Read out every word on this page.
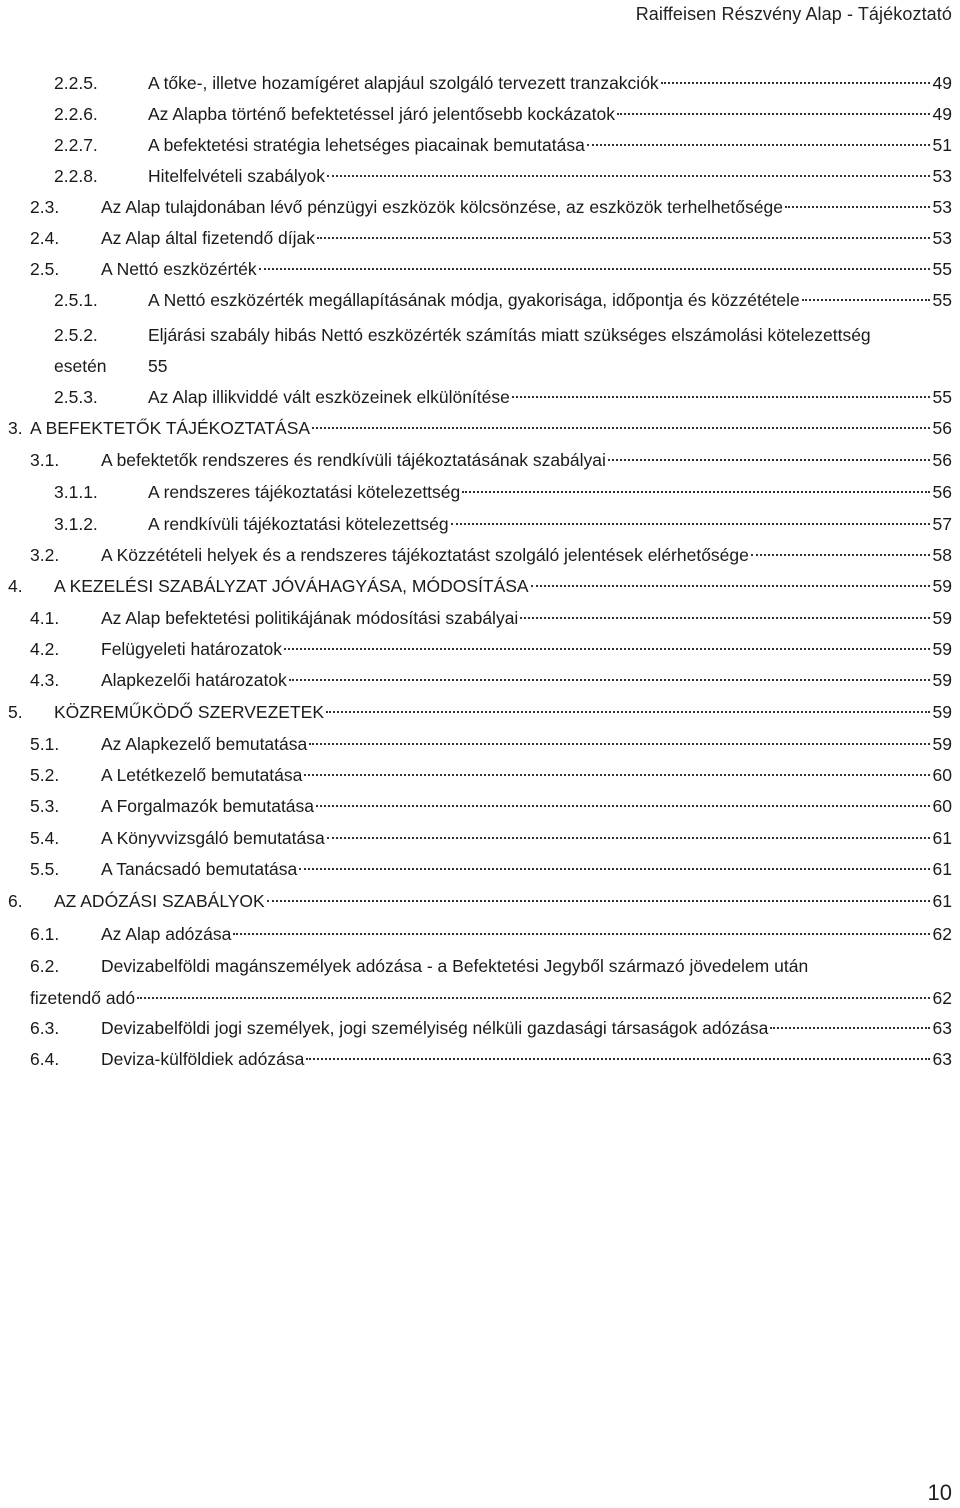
Raiffeisen Részvény Alap - Tájékoztató
2.2.5.	A tőke-, illetve hozamígéret alapjául szolgáló tervezett tranzakciók	49
2.2.6.	Az Alapba történő befektetéssel járó jelentősebb kockázatok	49
2.2.7.	A befektetési stratégia lehetséges piacainak bemutatása	51
2.2.8.	Hitelfelvételi szabályok	53
2.3. Az Alap tulajdonában lévő pénzügyi eszközök kölcsönzése, az eszközök terhelhetősége	53
2.4. Az Alap által fizetendő díjak	53
2.5. A Nettó eszközérték	55
2.5.1.	A Nettó eszközérték megállapításának módja, gyakorisága, időpontja és közzététele	55
2.5.2.	Eljárási szabály hibás Nettó eszközérték számítás miatt szükséges elszámolási kötelezettség
esetén 55
2.5.3.	Az Alap illikviddé vált eszközeinek elkülönítése	55
3. A BEFEKTETŐK TÁJÉKOZTATÁSA	56
3.1. A befektetők rendszeres és rendkívüli tájékoztatásának szabályai	56
3.1.1.	A rendszeres tájékoztatási kötelezettség	56
3.1.2.	A rendkívüli tájékoztatási kötelezettség	57
3.2. A Közzétételi helyek és a rendszeres tájékoztatást szolgáló jelentések elérhetősége	58
4. A KEZELÉSI SZABÁLYZAT JÓVÁHAGYÁSA, MÓDOSÍTÁSA	59
4.1. Az Alap befektetési politikájának módosítási szabályai	59
4.2. Felügyeleti határozatok	59
4.3. Alapkezelői határozatok	59
5. KÖZREMŰKÖDŐ SZERVEZETEK	59
5.1. Az Alapkezelő bemutatása	59
5.2. A Letétkezelő bemutatása	60
5.3. A Forgalmazók bemutatása	60
5.4. A Könyvvizsgáló bemutatása	61
5.5. A Tanácsadó bemutatása	61
6. AZ ADÓZÁSI SZABÁLYOK	61
6.1. Az Alap adózása	62
6.2. Devizabelföldi magánszemélyek adózása - a Befektetési Jegyből származó jövedelem után
fizetendő adó	62
6.3. Devizabelföldi jogi személyek, jogi személyiség nélküli gazdasági társaságok adózása	63
6.4. Deviza-külföldiek adózása	63
10
